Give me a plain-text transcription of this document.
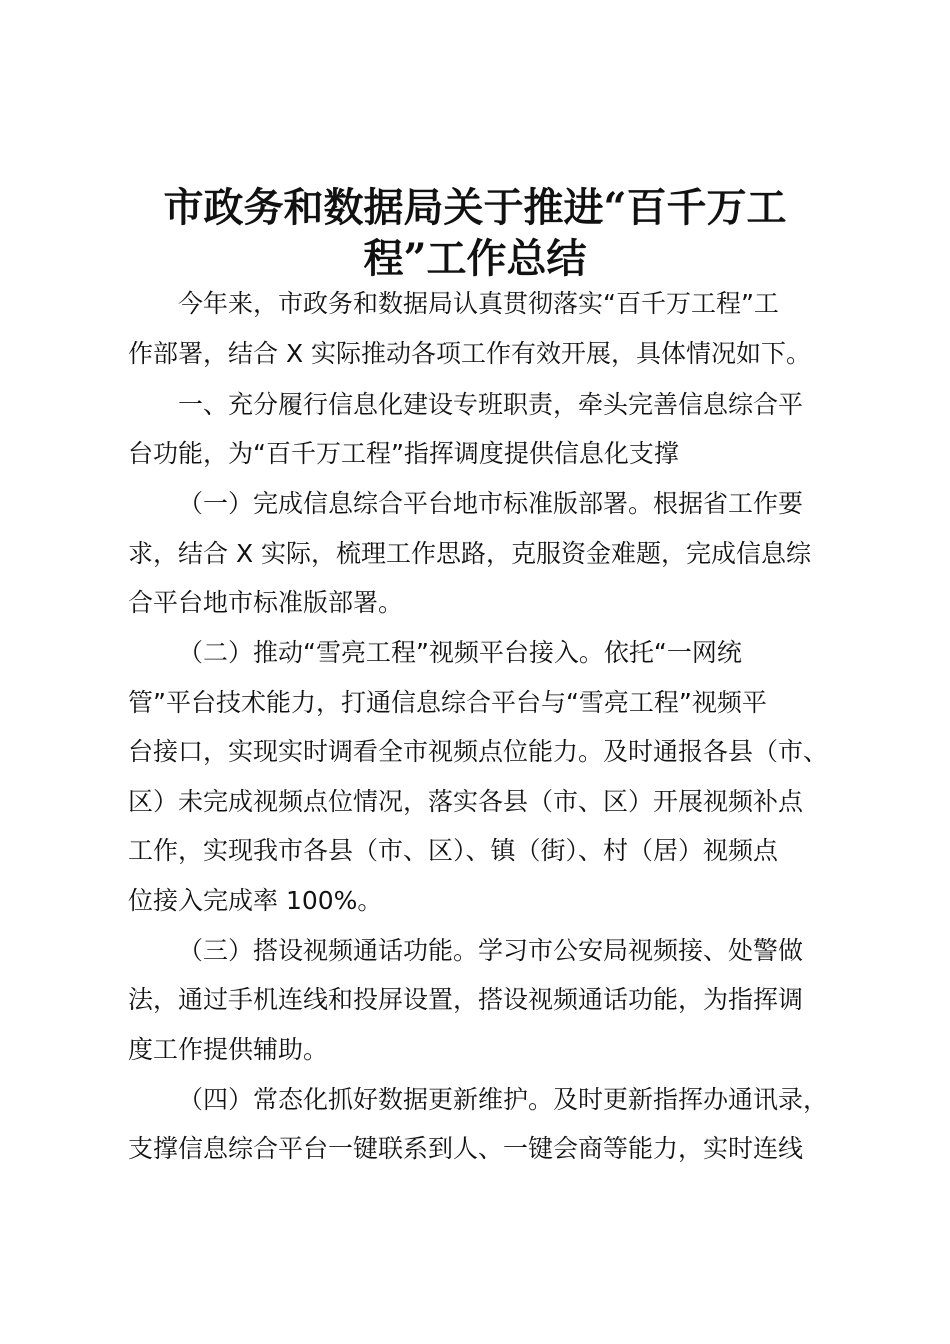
市政务和数据局关于推进“百千万工
程”工作总结
今年来，市政务和数据局认真贯彻落实“百千万工程”工
作部署，结合 X 实际推动各项工作有效开展，具体情况如下。
一、充分履行信息化建设专班职责，牵头完善信息综合平
台功能，为“百千万工程”指挥调度提供信息化支撑
（一）完成信息综合平台地市标准版部署。根据省工作要
求，结合 X 实际，梳理工作思路，克服资金难题，完成信息综
合平台地市标准版部署。
（二）推动“雪亮工程”视频平台接入。依托“一网统
管”平台技术能力，打通信息综合平台与“雪亮工程”视频平
台接口，实现实时调看全市视频点位能力。及时通报各县（市、
区）未完成视频点位情况，落实各县（市、区）开展视频补点
工作，实现我市各县（市、区）、镇（街）、村（居）视频点
位接入完成率 100%。
（三）搭设视频通话功能。学习市公安局视频接、处警做
法，通过手机连线和投屏设置，搭设视频通话功能，为指挥调
度工作提供辅助。
（四）常态化抓好数据更新维护。及时更新指挥办通讯录，
支撑信息综合平台一键联系到人、一键会商等能力，实时连线
